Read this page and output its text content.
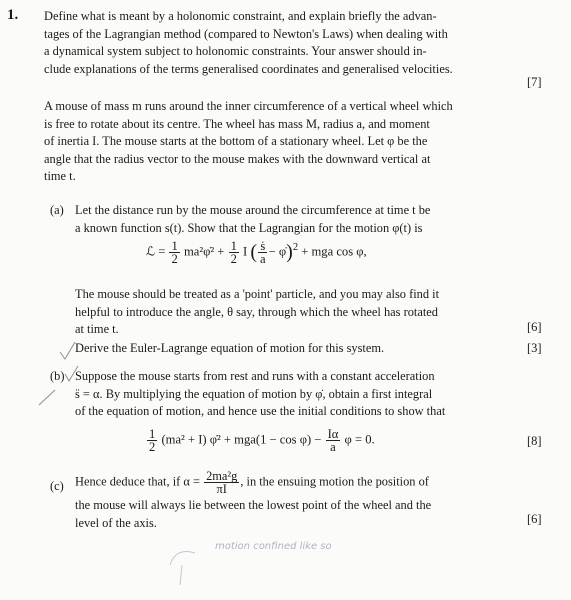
1. Define what is meant by a holonomic constraint, and explain briefly the advan-
tages of the Lagrangian method (compared to Newton's Laws) when dealing with
a dynamical system subject to holonomic constraints. Your answer should in-
clude explanations of the terms generalised coordinates and generalised velocities.
[7]
A mouse of mass m runs around the inner circumference of a vertical wheel which
is free to rotate about its centre. The wheel has mass M, radius a, and moment
of inertia I. The mouse starts at the bottom of a stationary wheel. Let φ be the
angle that the radius vector to the mouse makes with the downward vertical at
time t.
(a) Let the distance run by the mouse around the circumference at time t be
a known function s(t). Show that the Lagrangian for the motion φ(t) is
ℒ = $\frac{1}{2}$ ma²φ̇² + $\frac{1}{2}$ I ( $\frac{\text{ṡ}}{a}$ − φ̇)$^2$ + mga cos φ,
The mouse should be treated as a 'point' particle, and you may also find it
helpful to introduce the angle, θ say, through which the wheel has rotated
at time t.	[6]
Derive the Euler-Lagrange equation of motion for this system.	[3]
(b) Suppose the mouse starts from rest and runs with a constant acceleration
s̈ = α. By multiplying the equation of motion by φ̇, obtain a first integral
of the equation of motion, and hence use the initial conditions to show that
$\frac{1}{2} (ma^2 + I)$ φ̇² + $mga(1 - \cos \varphi) - \frac{I\alpha}{a}$ φ = 0.	[8]
(c) Hence deduce that, if $\alpha = \frac{\text{2ma²g}}{\pi I}$ , in the ensuing motion the position of
the mouse will always lie between the lowest point of the wheel and the
level of the axis.	[6]
motion confined like so
